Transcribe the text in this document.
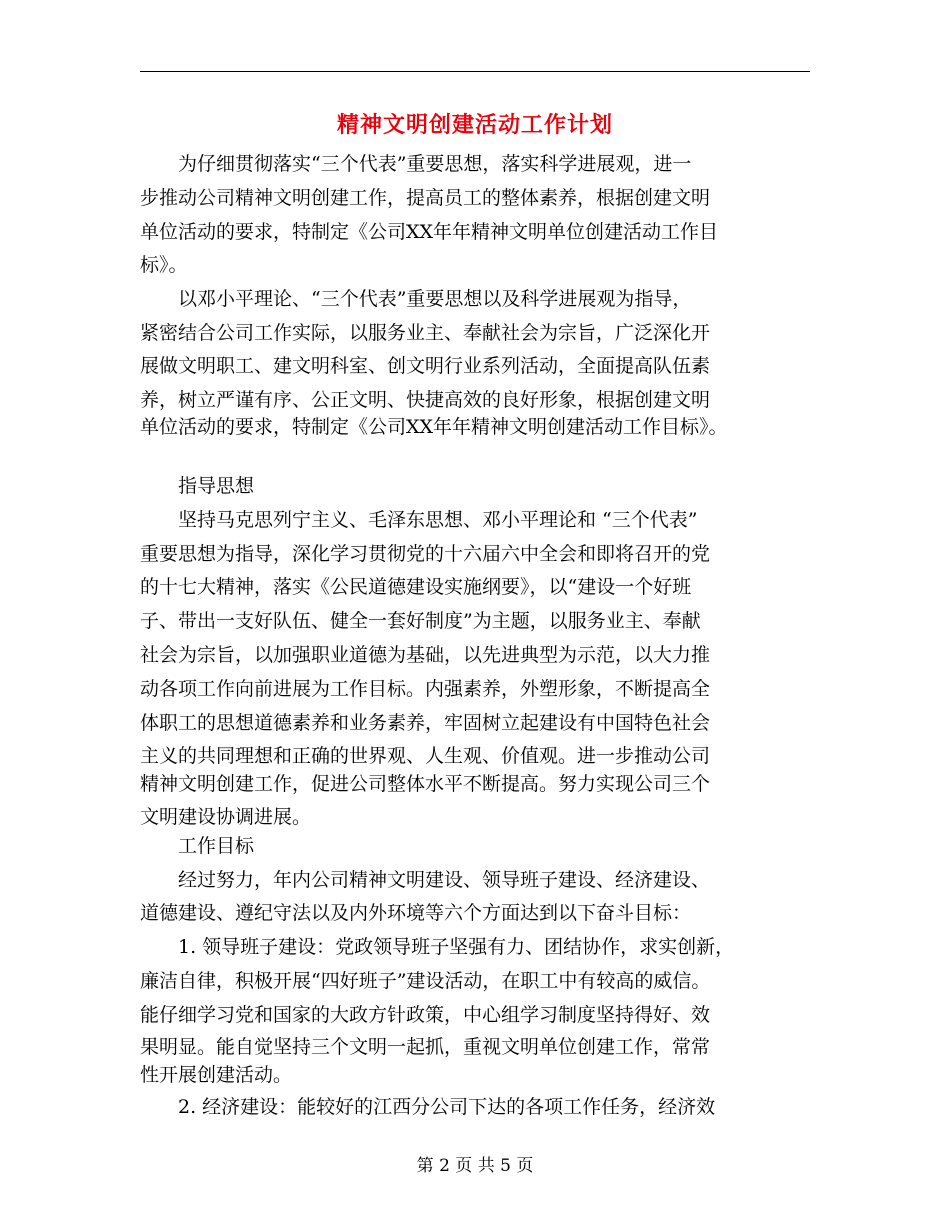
精神文明创建活动工作计划
　　为仔细贯彻落实“三个代表”重要思想，落实科学进展观，进一
步推动公司精神文明创建工作，提高员工的整体素养，根据创建文明
单位活动的要求，特制定《公司XX年年精神文明单位创建活动工作目
标》。
　　以邓小平理论、“三个代表”重要思想以及科学进展观为指导，
紧密结合公司工作实际，以服务业主、奉献社会为宗旨，广泛深化开
展做文明职工、建文明科室、创文明行业系列活动，全面提高队伍素
养，树立严谨有序、公正文明、快捷高效的良好形象，根据创建文明
单位活动的要求，特制定《公司XX年年精神文明创建活动工作目标》。
　　指导思想
　　坚持马克思列宁主义、毛泽东思想、邓小平理论和 “三个代表”
重要思想为指导，深化学习贯彻党的十六届六中全会和即将召开的党
的十七大精神，落实《公民道德建设实施纲要》，以“建设一个好班
子、带出一支好队伍、健全一套好制度”为主题，以服务业主、奉献
社会为宗旨，以加强职业道德为基础，以先进典型为示范，以大力推
动各项工作向前进展为工作目标。内强素养，外塑形象，不断提高全
体职工的思想道德素养和业务素养，牢固树立起建设有中国特色社会
主义的共同理想和正确的世界观、人生观、价值观。进一步推动公司
精神文明创建工作，促进公司整体水平不断提高。努力实现公司三个
文明建设协调进展。
　　工作目标
　　经过努力，年内公司精神文明建设、领导班子建设、经济建设、
道德建设、遵纪守法以及内外环境等六个方面达到以下奋斗目标：
　　1. 领导班子建设：党政领导班子坚强有力、团结协作，求实创新，
廉洁自律，积极开展“四好班子”建设活动，在职工中有较高的威信。
能仔细学习党和国家的大政方针政策，中心组学习制度坚持得好、效
果明显。能自觉坚持三个文明一起抓，重视文明单位创建工作，常常
性开展创建活动。
　　2. 经济建设：能较好的江西分公司下达的各项工作任务，经济效
第 2 页 共 5 页
